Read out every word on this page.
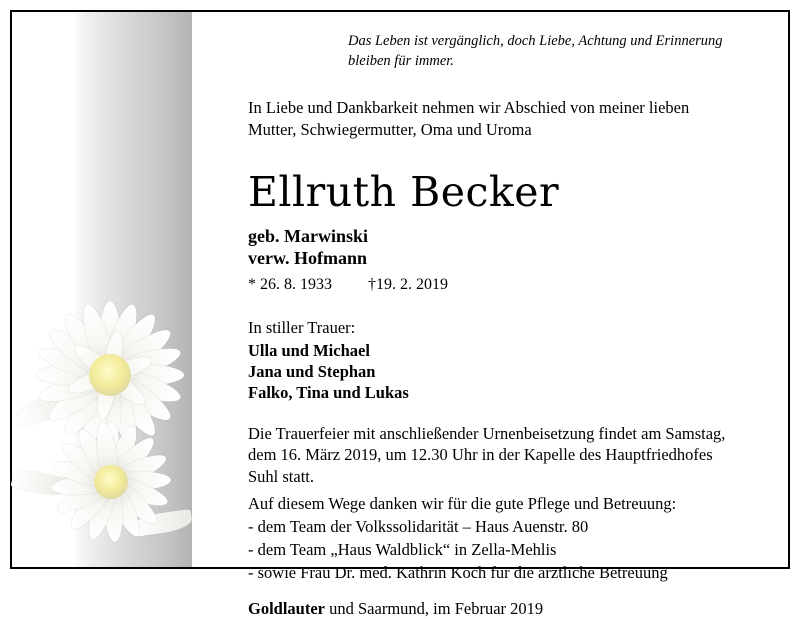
Das Leben ist vergänglich, doch Liebe, Achtung und Erinnerung bleiben für immer.
In Liebe und Dankbarkeit nehmen wir Abschied von meiner lieben
Mutter, Schwiegermutter, Oma und Uroma
Ellruth Becker
geb. Marwinski
verw. Hofmann
* 26. 8. 1933 †19. 2. 2019
In stiller Trauer:
Ulla und Michael
Jana und Stephan
Falko, Tina und Lukas
Die Trauerfeier mit anschließender Urnenbeisetzung findet am Samstag,
dem 16. März 2019, um 12.30 Uhr in der Kapelle des Hauptfriedhofes
Suhl statt.
Auf diesem Wege danken wir für die gute Pflege und Betreuung:
- dem Team der Volkssolidarität – Haus Auenstr. 80
- dem Team „Haus Waldblick“ in Zella-Mehlis
- sowie Frau Dr. med. Kathrin Koch für die ärztliche Betreuung
Goldlauter und Saarmund, im Februar 2019
